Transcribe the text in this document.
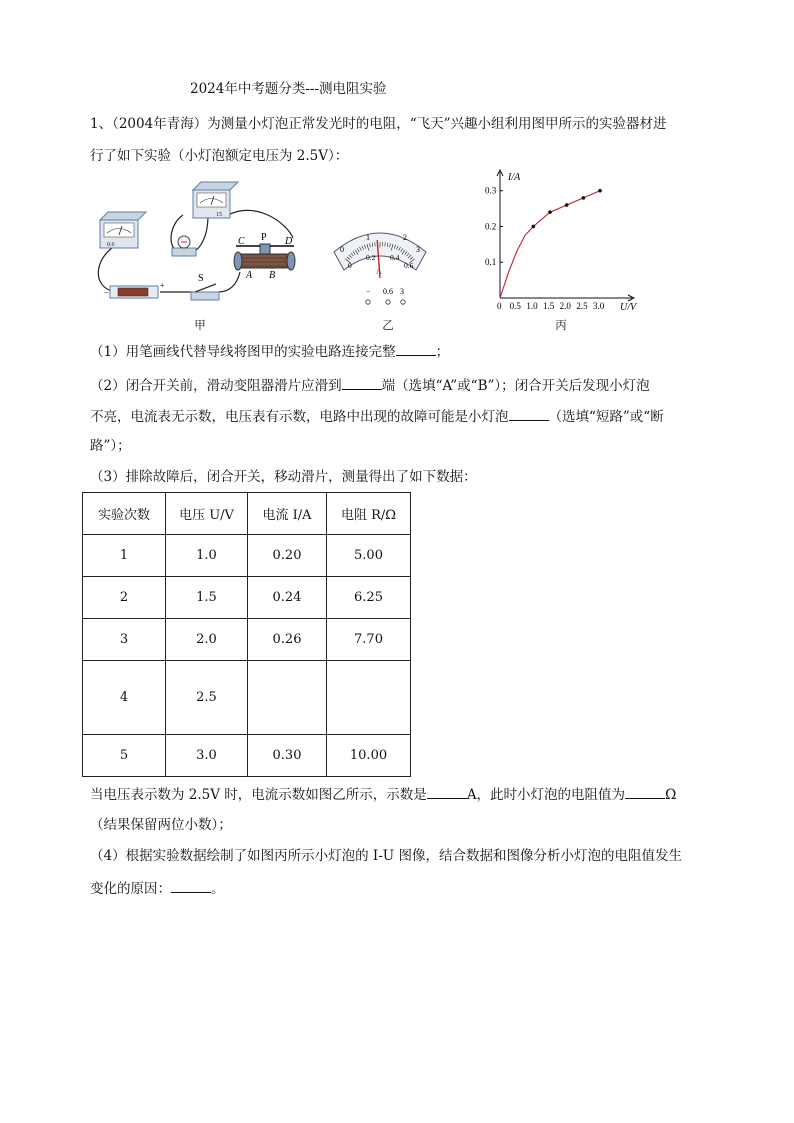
2024年中考题分类---测电阻实验
1、（2004年青海）为测量小灯泡正常发光时的电阻，“飞天”兴趣小组利用图甲所示的实验器材进
行了如下实验（小灯泡额定电压为 2.5V）：
0.6
15
C P D
A B
−
+
S
0
1	2
3
0
0.2 0.4
0.6
A
− 0.6 3
I/A
U/V
0 0.5 1.0 1.5 2.0 2.5 3.0
0.1
0.2
0.3
甲	乙	丙
（1）用笔画线代替导线将图甲的实验电路连接完整	；
（2）闭合开关前，滑动变阻器滑片应滑到	端（选填“A”或“B”）；闭合开关后发现小灯泡
不亮，电流表无示数，电压表有示数，电路中出现的故障可能是小灯泡	（选填“短路”或“断
路”）；
（3）排除故障后，闭合开关，移动滑片，测量得出了如下数据：
实验次数	电压 U/V	电流 I/A	电阻 R/Ω
1	1.0	0.20	5.00
2	1.5	0.24	6.25
3	2.0	0.26	7.70
4	2.5		
5	3.0	0.30	10.00
当电压表示数为 2.5V 时，电流示数如图乙所示，示数是	A，此时小灯泡的电阻值为	Ω
（结果保留两位小数）；
（4）根据实验数据绘制了如图丙所示小灯泡的 I-U 图像，结合数据和图像分析小灯泡的电阻值发生
变化的原因：	。
